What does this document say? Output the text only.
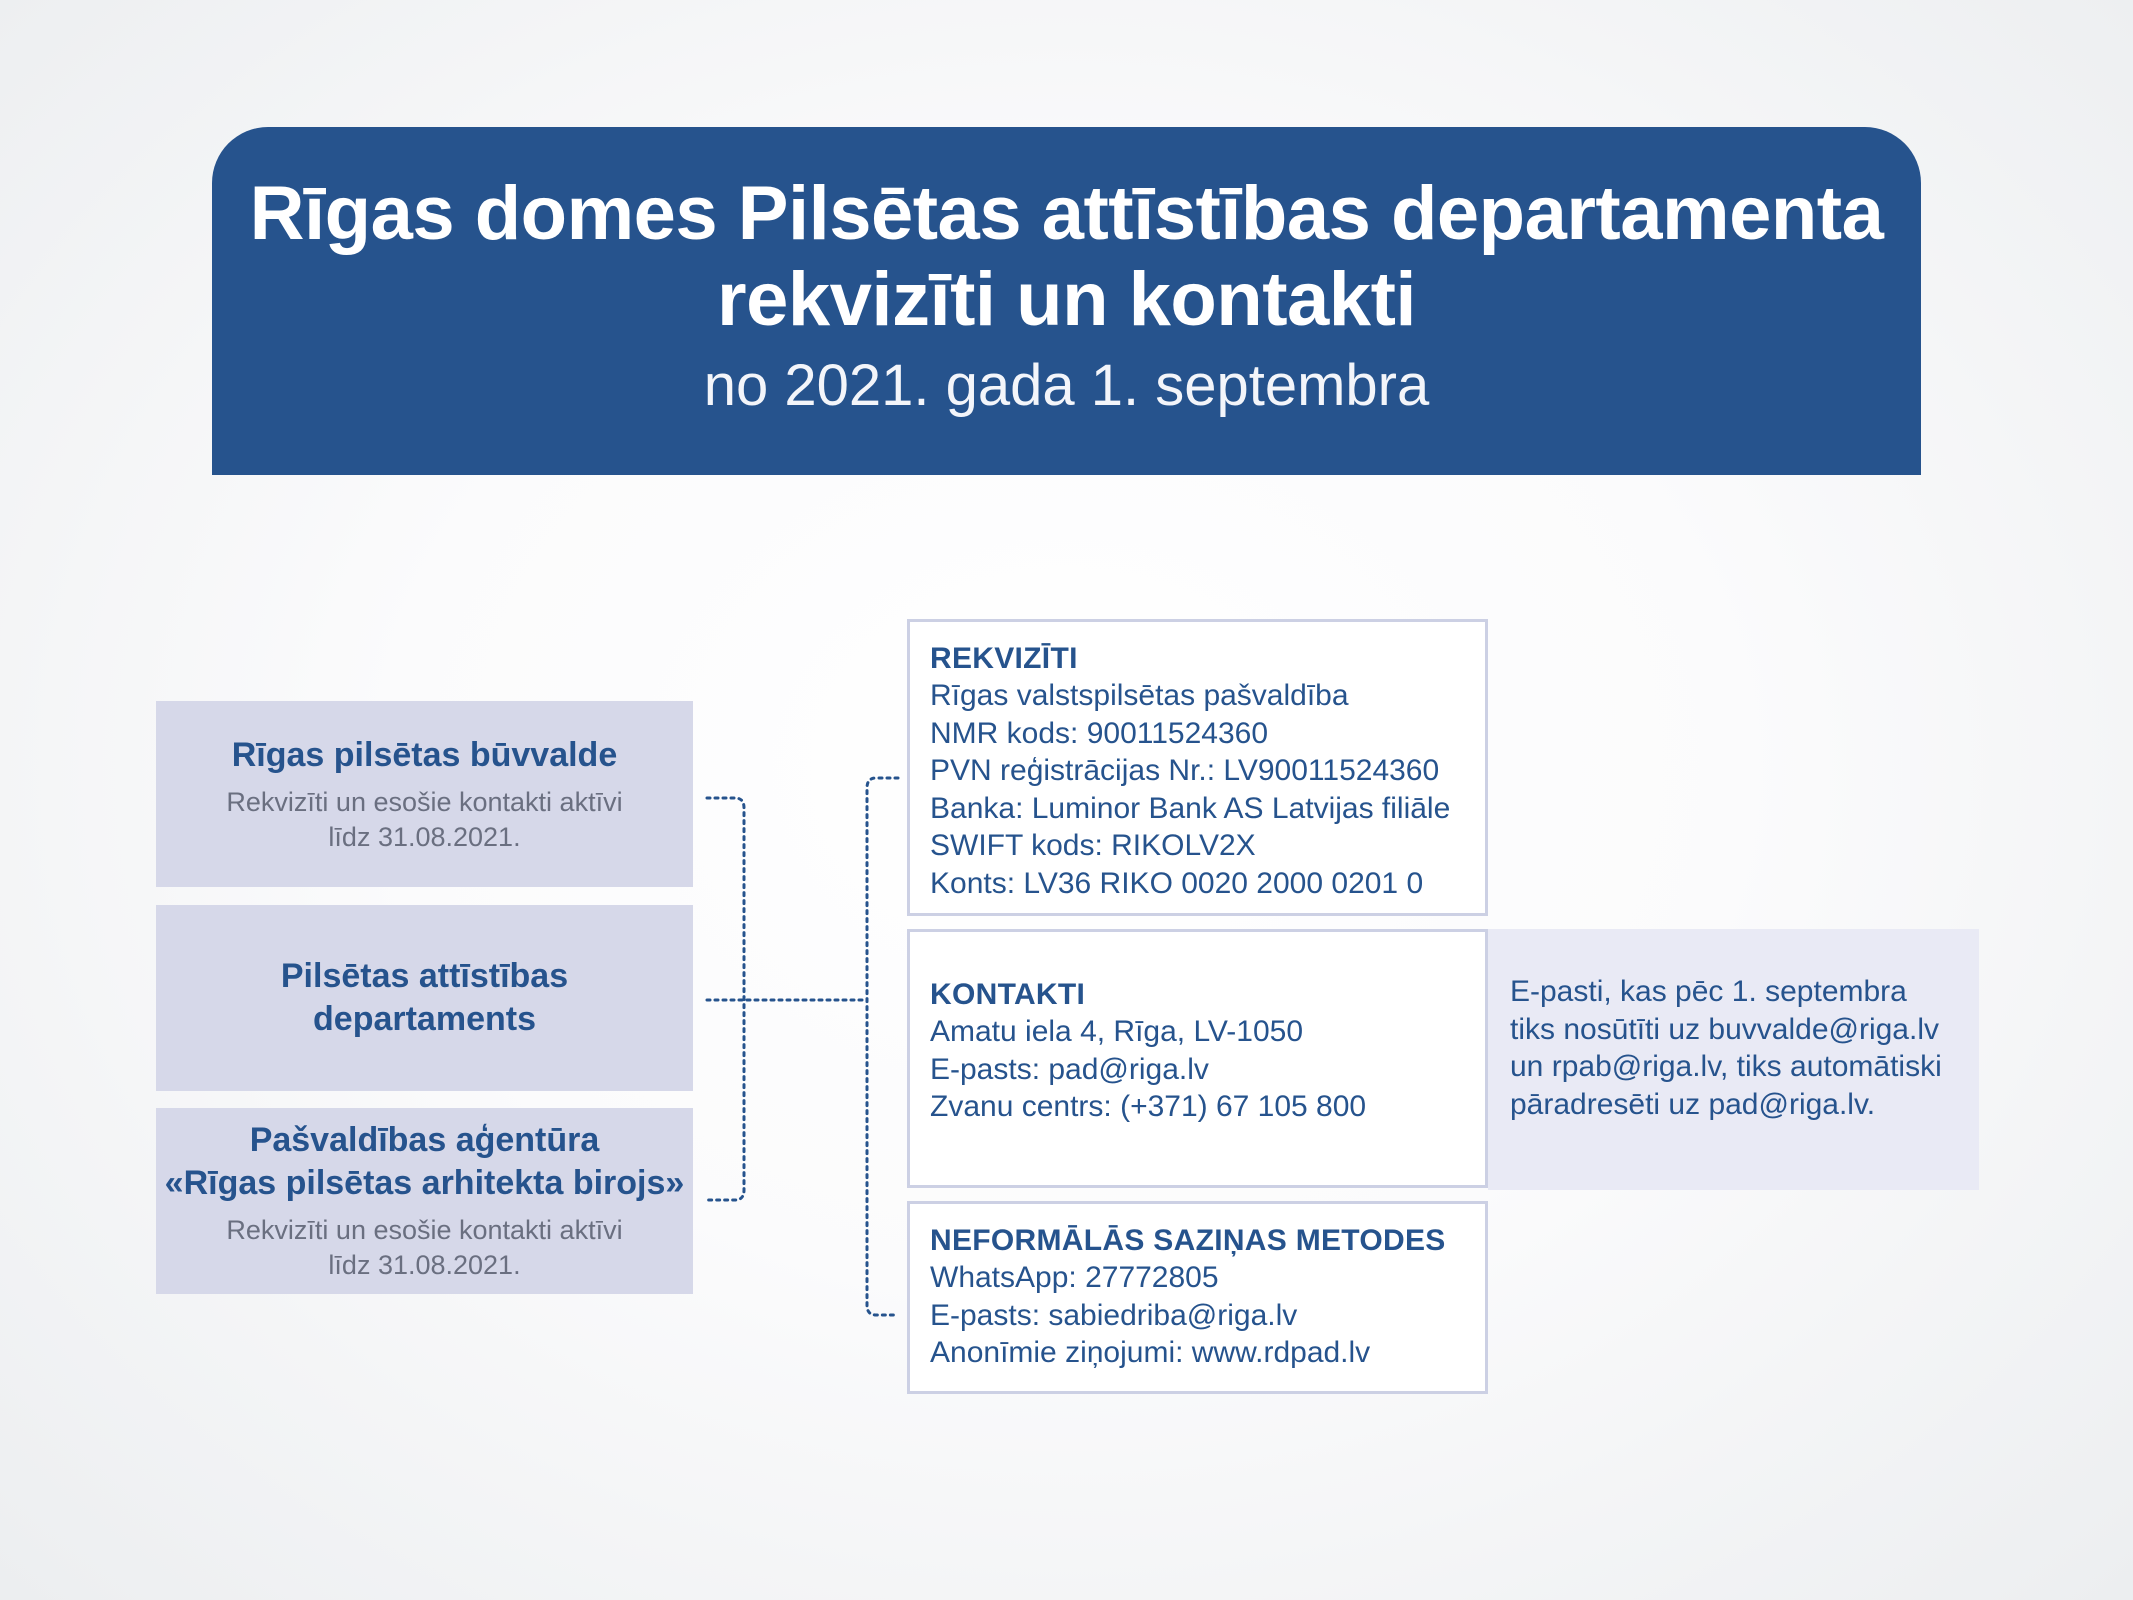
Rīgas domes Pilsētas attīstības departamenta
rekvizīti un kontakti
no 2021. gada 1. septembra
Rīgas pilsētas būvvalde
Rekvizīti un esošie kontakti aktīvi
līdz 31.08.2021.
Pilsētas attīstības
departaments
Pašvaldības aģentūra
«Rīgas pilsētas arhitekta birojs»
Rekvizīti un esošie kontakti aktīvi
līdz 31.08.2021.
REKVIZĪTI
Rīgas valstspilsētas pašvaldība
NMR kods: 90011524360
PVN reģistrācijas Nr.: LV90011524360
Banka: Luminor Bank AS Latvijas filiāle
SWIFT kods: RIKOLV2X
Konts: LV36 RIKO 0020 2000 0201 0
KONTAKTI
Amatu iela 4, Rīga, LV-1050
E-pasts: pad@riga.lv
Zvanu centrs: (+371) 67 105 800
E-pasti, kas pēc 1. septembra
tiks nosūtīti uz buvvalde@riga.lv
un rpab@riga.lv, tiks automātiski
pāradresēti uz pad@riga.lv.
NEFORMĀLĀS SAZIŅAS METODES
WhatsApp: 27772805
E-pasts: sabiedriba@riga.lv
Anonīmie ziņojumi: www.rdpad.lv
